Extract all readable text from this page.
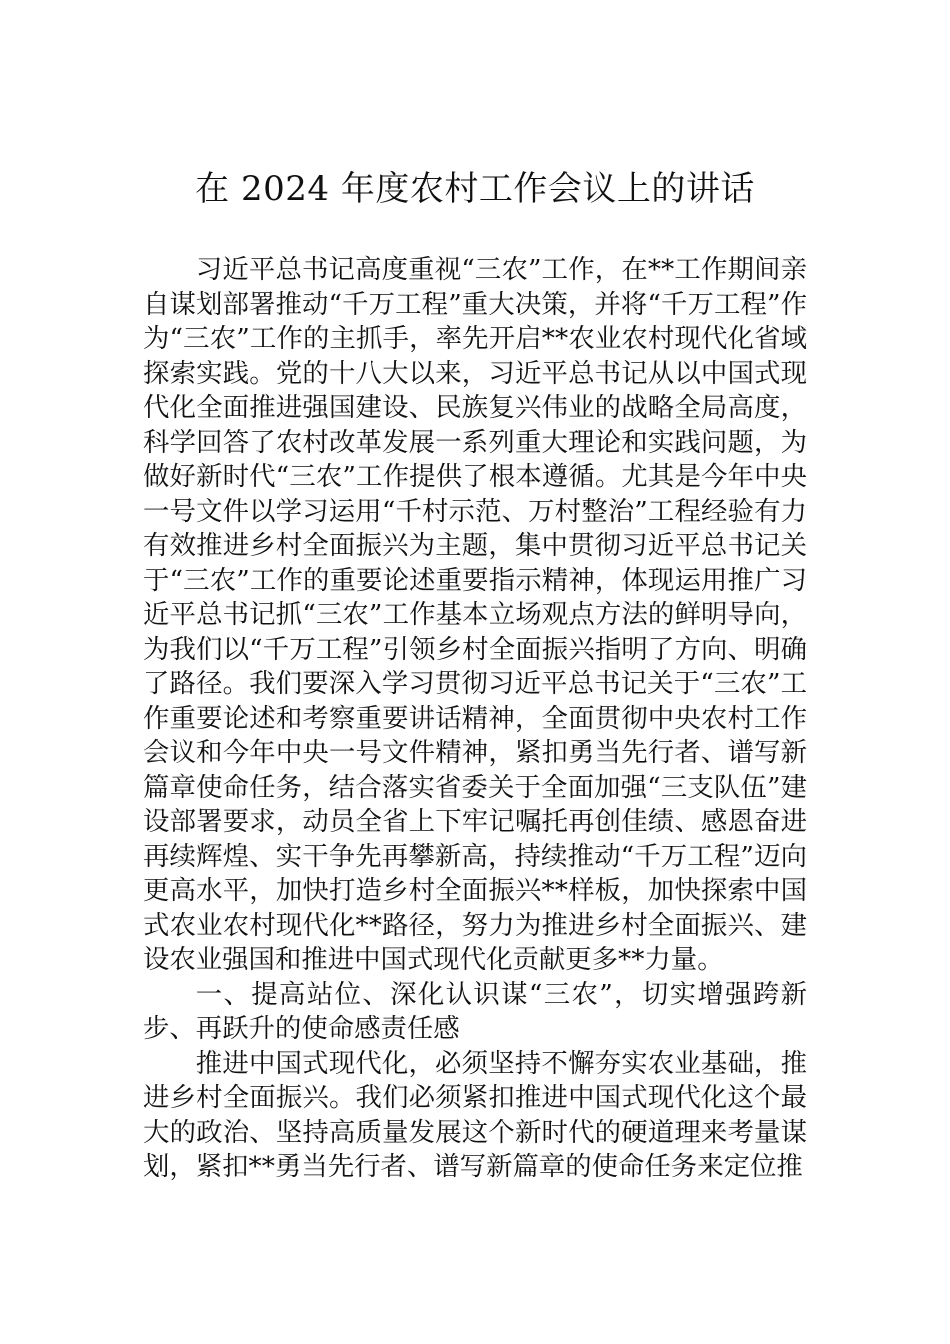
在 2024 年度农村工作会议上的讲话

习近平总书记高度重视“三农”工作，在**工作期间亲自谋划部署推动“千万工程”重大决策，并将“千万工程”作为“三农”工作的主抓手，率先开启**农业农村现代化省域探索实践。党的十八大以来，习近平总书记从以中国式现代化全面推进强国建设、民族复兴伟业的战略全局高度，科学回答了农村改革发展一系列重大理论和实践问题，为做好新时代“三农”工作提供了根本遵循。尤其是今年中央一号文件以学习运用“千村示范、万村整治”工程经验有力有效推进乡村全面振兴为主题，集中贯彻习近平总书记关于“三农”工作的重要论述重要指示精神，体现运用推广习近平总书记抓“三农”工作基本立场观点方法的鲜明导向，为我们以“千万工程”引领乡村全面振兴指明了方向、明确了路径。我们要深入学习贯彻习近平总书记关于“三农”工作重要论述和考察重要讲话精神，全面贯彻中央农村工作会议和今年中央一号文件精神，紧扣勇当先行者、谱写新篇章使命任务，结合落实省委关于全面加强“三支队伍”建设部署要求，动员全省上下牢记嘱托再创佳绩、感恩奋进再续辉煌、实干争先再攀新高，持续推动“千万工程”迈向更高水平，加快打造乡村全面振兴**样板，加快探索中国式农业农村现代化**路径，努力为推进乡村全面振兴、建设农业强国和推进中国式现代化贡献更多**力量。

一、提高站位、深化认识谋“三农”，切实增强跨新步、再跃升的使命感责任感

推进中国式现代化，必须坚持不懈夯实农业基础，推进乡村全面振兴。我们必须紧扣推进中国式现代化这个最大的政治、坚持高质量发展这个新时代的硬道理来考量谋划，紧扣**勇当先行者、谱写新篇章的使命任务来定位推
